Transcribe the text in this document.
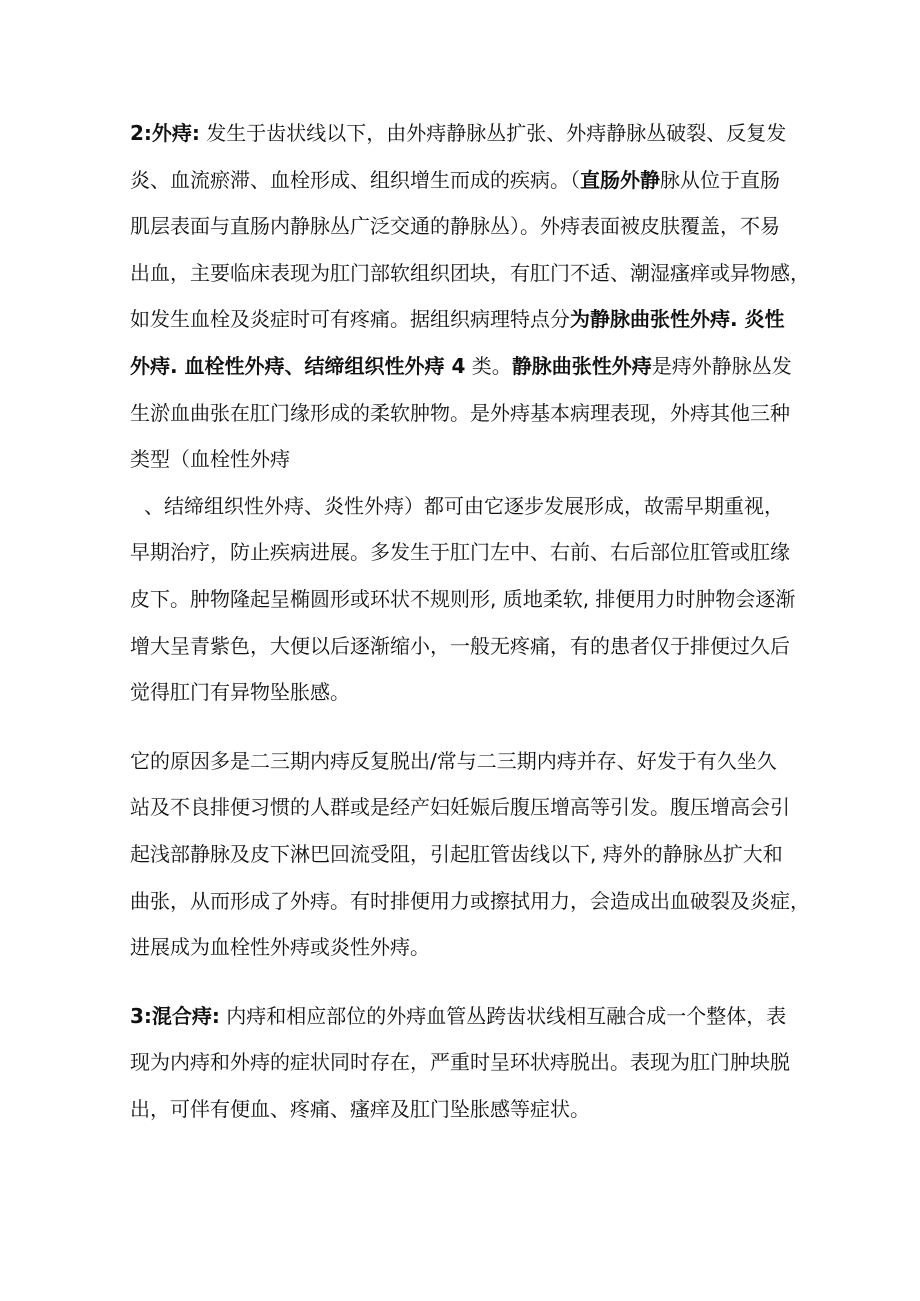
2:外痔: 发生于齿状线以下，由外痔静脉丛扩张、外痔静脉丛破裂、反复发
炎、血流瘀滞、血栓形成、组织增生而成的疾病。（直肠外静脉从位于直肠
肌层表面与直肠内静脉丛广泛交通的静脉丛）。外痔表面被皮肤覆盖，不易
出血，主要临床表现为肛门部软组织团块，有肛门不适、潮湿瘙痒或异物感，
如发生血栓及炎症时可有疼痛。据组织病理特点分为静脉曲张性外痔. 炎性
外痔. 血栓性外痔、结缔组织性外痔 4 类。静脉曲张性外痔是痔外静脉丛发
生淤血曲张在肛门缘形成的柔软肿物。是外痔基本病理表现，外痔其他三种
类型（血栓性外痔
、结缔组织性外痔、炎性外痔）都可由它逐步发展形成，故需早期重视，
早期治疗，防止疾病进展。多发生于肛门左中、右前、右后部位肛管或肛缘
皮下。肿物隆起呈椭圆形或环状不规则形, 质地柔软, 排便用力时肿物会逐渐
增大呈青紫色，大便以后逐渐缩小，一般无疼痛，有的患者仅于排便过久后
觉得肛门有异物坠胀感。
它的原因多是二三期内痔反复脱出/常与二三期内痔并存、好发于有久坐久
站及不良排便习惯的人群或是经产妇妊娠后腹压增高等引发。腹压增高会引
起浅部静脉及皮下淋巴回流受阻，引起肛管齿线以下, 痔外的静脉丛扩大和
曲张，从而形成了外痔。有时排便用力或擦拭用力，会造成出血破裂及炎症，
进展成为血栓性外痔或炎性外痔。
3:混合痔: 内痔和相应部位的外痔血管丛跨齿状线相互融合成一个整体，表
现为内痔和外痔的症状同时存在，严重时呈环状痔脱出。表现为肛门肿块脱
出，可伴有便血、疼痛、瘙痒及肛门坠胀感等症状。
